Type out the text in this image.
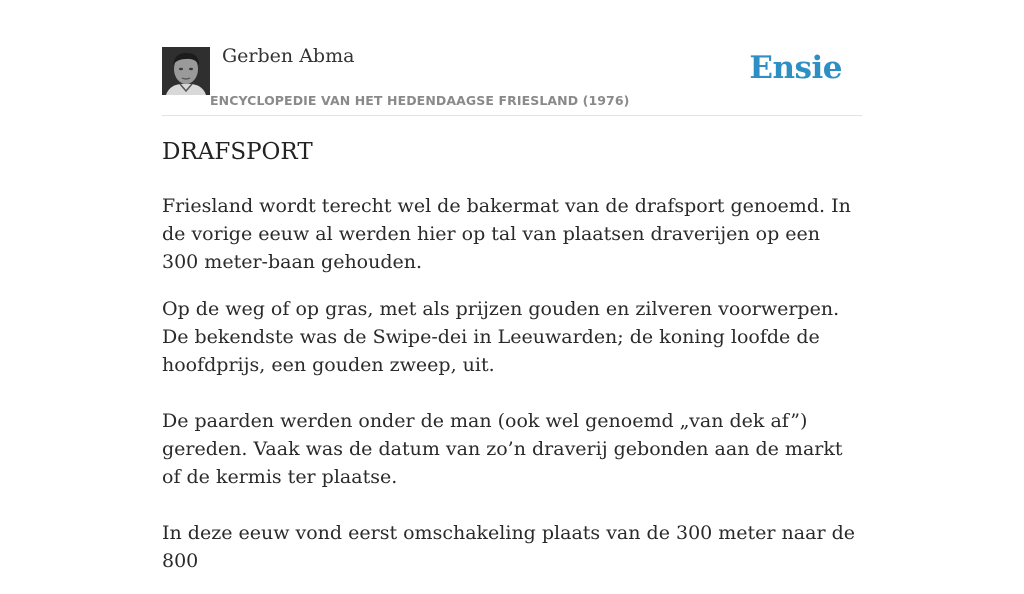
Gerben Abma
ENCYCLOPEDIE VAN HET HEDENDAAGSE FRIESLAND (1976)
Ensie
DRAFSPORT

Friesland wordt terecht wel de bakermat van de drafsport genoemd. In de vorige eeuw al werden hier op tal van plaatsen draverijen op een 300 meter-baan gehouden.

Op de weg of op gras, met als prijzen gouden en zilveren voorwerpen. De bekendste was de Swipe-dei in Leeuwarden; de koning loofde de hoofdprijs, een gouden zweep, uit.

De paarden werden onder de man (ook wel genoemd „van dek af”) gereden. Vaak was de datum van zo’n draverij gebonden aan de markt of de kermis ter plaatse.

In deze eeuw vond eerst omschakeling plaats van de 300 meter naar de 800
